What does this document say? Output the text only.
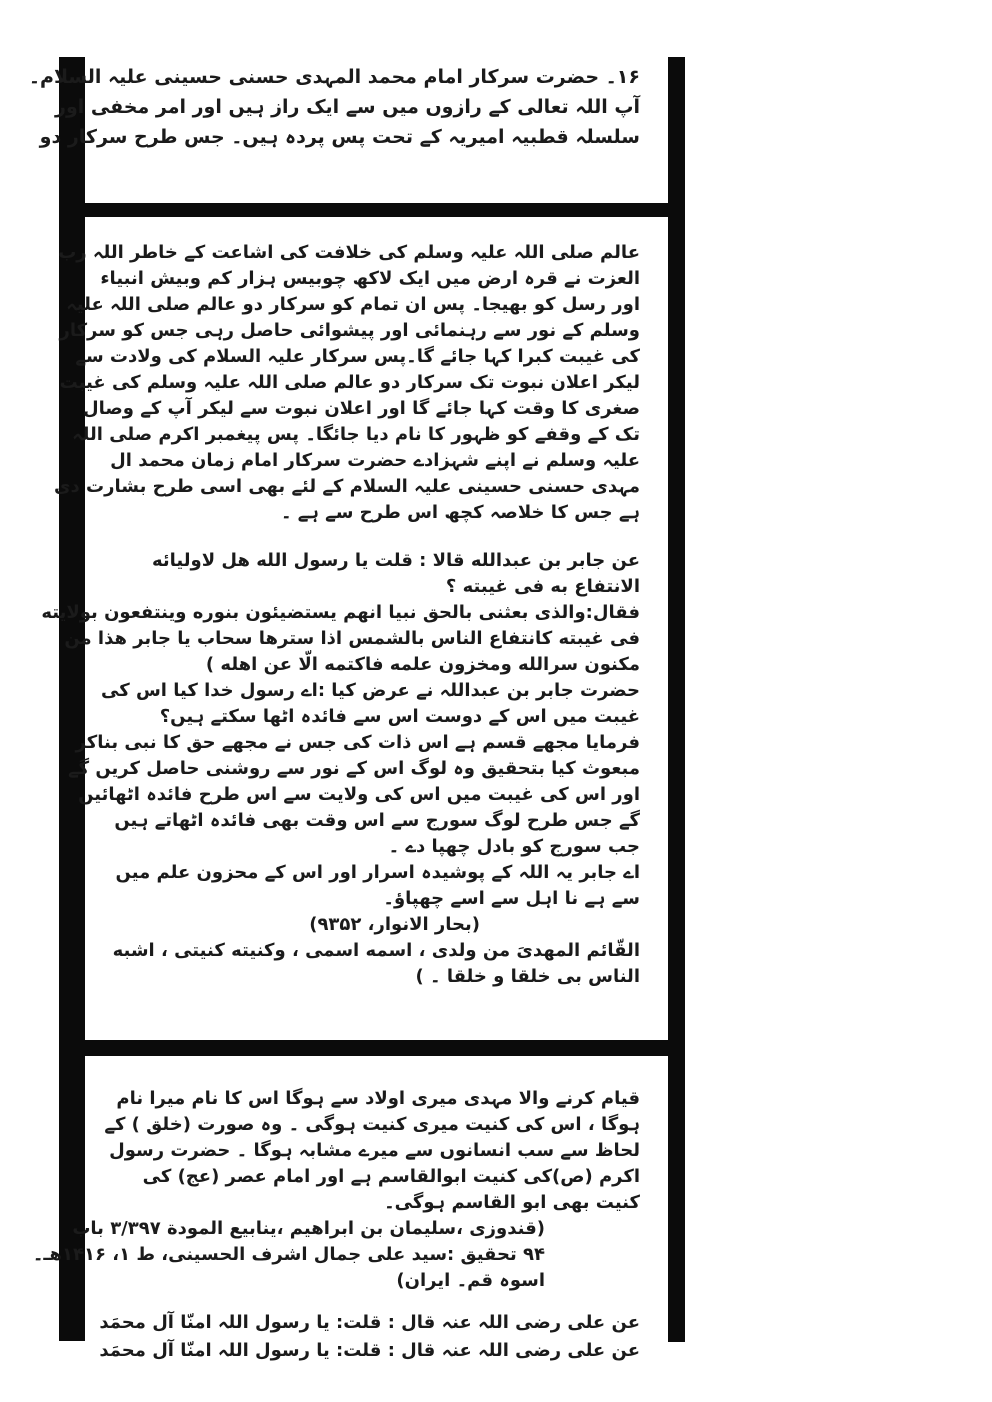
۱۶۔ حضرت سرکار امام محمد المہدی حسنی حسینی علیہ السلام۔
آپ اللہ تعالی کے رازوں میں سے ایک راز ہیں اور امر مخفی اور
سلسلہ قطبیہ امیریہ کے تحت پس پردہ ہیں۔ جس طرح سرکار دو
عالم صلی اللہ علیہ وسلم کی خلافت کی اشاعت کے خاطر اللہ رب
العزت نے قرہ ارض میں ایک لاکھ چوبیس ہزار کم وبیش انبیاء
اور رسل کو بھیجا۔ پس ان تمام کو سرکار دو عالم صلی اللہ علیہ
وسلم کے نور سے رہنمائی اور پیشوائی حاصل رہی جس کو سرکار
کی غیبت کبرا کہا جائے گا۔پس سرکار علیہ السلام کی ولادت سے
لیکر اعلان نبوت تک سرکار دو عالم صلی اللہ علیہ وسلم کی غیبت
صغری کا وقت کہا جائے گا اور اعلان نبوت سے لیکر آپ کے وصال
تک کے وقفے کو ظہور کا نام دیا جائگا۔ پس پیغمبر اکرم صلی اللہ
علیہ وسلم نے اپنے شہزادے حضرت سرکار امام زمان محمد ال
مہدی حسنی حسینی علیہ السلام کے لئے بھی اسی طرح بشارت دی
ہے جس کا خلاصہ کچھ اس طرح سے ہے ۔
عن جابر بن عبدالله قالا : قلت یا رسول الله ھل لاولیائه
الانتفاع به فی غیبته ؟
فقال:والذی بعثنی بالحق نبیا انھم یستضیئون بنوره وینتفعون بولایته
فی غیبته کانتفاع الناس بالشمس اذا سترھا سحاب یا جابر ھذا من
مکنون سرالله ومخزون علمه فاکتمه الّا عن اهله )
حضرت جابر بن عبداللہ نے عرض کیا :اے رسول خدا کیا اس کی
غیبت میں اس کے دوست اس سے فائدہ اٹھا سکتے ہیں؟
فرمایا مجھے قسم ہے اس ذات کی جس نے مجھے حق کا نبی بناکر
مبعوث کیا بتحقیق وہ لوگ اس کے نور سے روشنی حاصل کریں گے
اور اس کی غیبت میں اس کی ولایت سے اس طرح فائدہ اٹھائیں
گے جس طرح لوگ سورج سے اس وقت بھی فائدہ اٹھاتے ہیں
جب سورج کو بادل چھپا دے ۔
اے جابر یہ اللہ کے پوشیدہ اسرار اور اس کے محزون علم میں
سے ہے نا اہل سے اسے چھپاؤ۔
(بحار الانوار، ۹۳۵۲)
القّائم المهدیَ من ولدی ، اسمه اسمی ، وکنیته کنیتی ، اشبه
الناس بی خلقا و خلقا ۔ )
قیام کرنے والا مہدی میری اولاد سے ہوگا اس کا نام میرا نام
ہوگا ، اس کی کنیت میری کنیت ہوگی ۔ وہ صورت (خلق ) کے
لحاظ سے سب انسانوں سے میرے مشابہ ہوگا ۔ حضرت رسول
اکرم (ص)کی کنیت ابوالقاسم ہے اور امام عصر (عج) کی
کنیت بھی ابو القاسم ہوگی۔
(قندوزی ،سلیمان بن ابراهیم ،ینابیع المودة ۳/۳۹۷ باب
۹۴ تحقیق :سید علی جمال اشرف الحسینی، ط ۱، ۱۴۱۶هـ۔
اسوہ قم۔ ایران)
عن علی رضی اللہ عنہ قال : قلت: یا رسول اللہ امنّا آل محمَد
عن علی رضی اللہ عنہ قال : قلت: یا رسول اللہ امنّا آل محمَد
